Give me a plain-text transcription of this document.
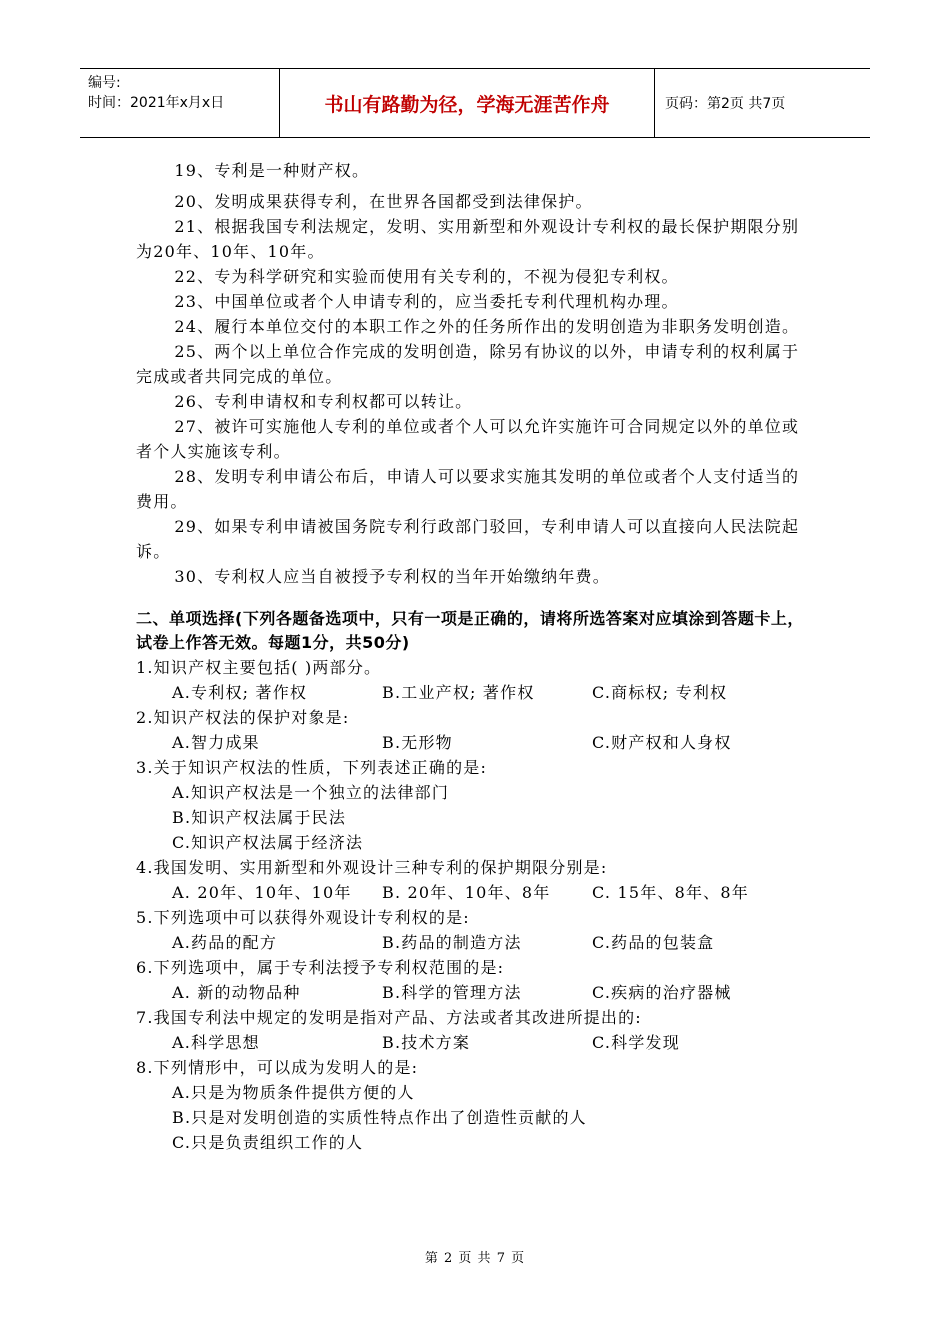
编号:
时间：2021年x月x日	书山有路勤为径，学海无涯苦作舟	页码：第2页 共7页

19、专利是一种财产权。

20、发明成果获得专利，在世界各国都受到法律保护。

21、根据我国专利法规定，发明、实用新型和外观设计专利权的最长保护期限分别为20年、10年、10年。

22、专为科学研究和实验而使用有关专利的，不视为侵犯专利权。

23、中国单位或者个人申请专利的，应当委托专利代理机构办理。

24、履行本单位交付的本职工作之外的任务所作出的发明创造为非职务发明创造。

25、两个以上单位合作完成的发明创造，除另有协议的以外，申请专利的权利属于完成或者共同完成的单位。

26、专利申请权和专利权都可以转让。

27、被许可实施他人专利的单位或者个人可以允许实施许可合同规定以外的单位或者个人实施该专利。

28、发明专利申请公布后，申请人可以要求实施其发明的单位或者个人支付适当的费用。

29、如果专利申请被国务院专利行政部门驳回，专利申请人可以直接向人民法院起诉。

30、专利权人应当自被授予专利权的当年开始缴纳年费。

二、单项选择(下列各题备选项中，只有一项是正确的，请将所选答案对应填涂到答题卡上，试卷上作答无效。每题1分，共50分)

1.知识产权主要包括( )两部分。

A.专利权; 著作权	B.工业产权; 著作权	C.商标权; 专利权

2.知识产权法的保护对象是:

A.智力成果	B.无形物	C.财产权和人身权

3.关于知识产权法的性质，下列表述正确的是:

A.知识产权法是一个独立的法律部门
B.知识产权法属于民法
C.知识产权法属于经济法

4.我国发明、实用新型和外观设计三种专利的保护期限分别是:

A. 20年、10年、10年	B. 20年、10年、8年	C. 15年、8年、8年

5.下列选项中可以获得外观设计专利权的是:

A.药品的配方	B.药品的制造方法	C.药品的包装盒

6.下列选项中，属于专利法授予专利权范围的是:

A. 新的动物品种	B.科学的管理方法	C.疾病的治疗器械

7.我国专利法中规定的发明是指对产品、方法或者其改进所提出的:

A.科学思想	B.技术方案	C.科学发现

8.下列情形中，可以成为发明人的是:

A.只是为物质条件提供方便的人
B.只是对发明创造的实质性特点作出了创造性贡献的人
C.只是负责组织工作的人
第 2 页 共 7 页
